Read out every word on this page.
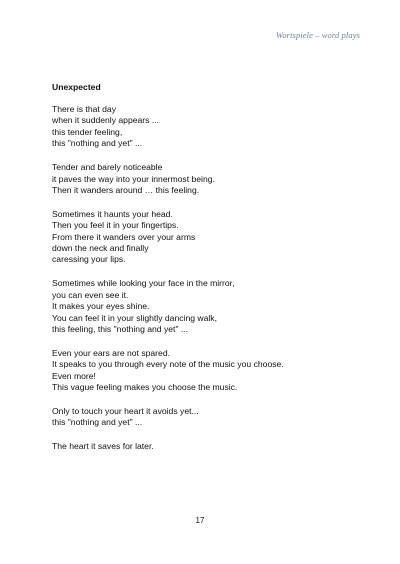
Wortspiele – word plays
Unexpected
There is that day
when it suddenly appears ...
this tender feeling,
this "nothing and yet" ...
Tender and barely noticeable
it paves the way into your innermost being.
Then it wanders around … this feeling.
Sometimes it haunts your head.
Then you feel it in your fingertips.
From there it wanders over your arms
down the neck and finally
caressing your lips.
Sometimes while looking your face in the mirror,
you can even see it.
It makes your eyes shine.
You can feel it in your slightly dancing walk,
this feeling, this "nothing and yet" ...
Even your ears are not spared.
It speaks to you through every note of the music you choose.
Even more!
This vague feeling makes you choose the music.
Only to touch your heart it avoids yet...
this "nothing and yet" ...
The heart it saves for later.
17
